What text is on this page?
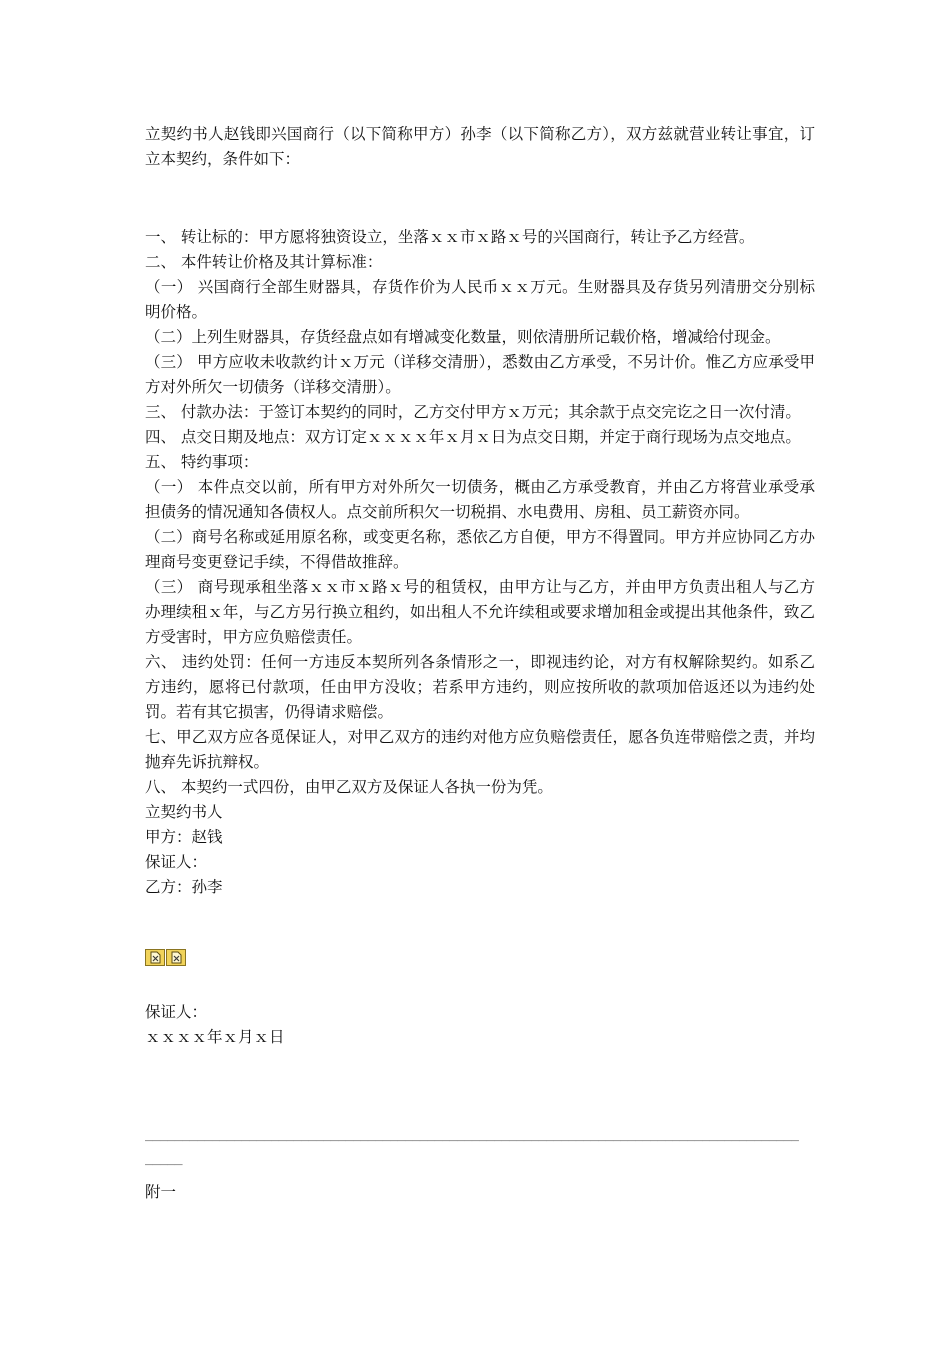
立契约书人赵钱即兴国商行（以下简称甲方）孙李（以下简称乙方），双方兹就营业转让事宜，订立本契约，条件如下：

一、 转让标的：甲方愿将独资设立，坐落ｘｘ市ｘ路ｘ号的兴国商行，转让予乙方经营。

二、 本件转让价格及其计算标准：

（一） 兴国商行全部生财器具，存货作价为人民币ｘｘ万元。生财器具及存货另列清册交分别标明价格。

（二）上列生财器具，存货经盘点如有增减变化数量，则依清册所记载价格，增减给付现金。

（三） 甲方应收未收款约计ｘ万元（详移交清册），悉数由乙方承受，不另计价。惟乙方应承受甲方对外所欠一切债务（详移交清册）。

三、 付款办法：于签订本契约的同时，乙方交付甲方ｘ万元；其余款于点交完讫之日一次付清。

四、 点交日期及地点：双方订定ｘｘｘｘ年ｘ月ｘ日为点交日期，并定于商行现场为点交地点。

五、 特约事项：

（一） 本件点交以前，所有甲方对外所欠一切债务，概由乙方承受教育，并由乙方将营业承受承担债务的情况通知各债权人。点交前所积欠一切税捐、水电费用、房租、员工薪资亦同。

（二）商号名称或延用原名称，或变更名称，悉依乙方自便，甲方不得置同。甲方并应协同乙方办理商号变更登记手续，不得借故推辞。

（三） 商号现承租坐落ｘｘ市ｘ路ｘ号的租赁权，由甲方让与乙方，并由甲方负责出租人与乙方办理续租ｘ年，与乙方另行换立租约，如出租人不允许续租或要求增加租金或提出其他条件，致乙方受害时，甲方应负赔偿责任。

六、 违约处罚：任何一方违反本契所列各条情形之一，即视违约论，对方有权解除契约。如系乙方违约，愿将已付款项，任由甲方没收；若系甲方违约，则应按所收的款项加倍返还以为违约处罚。若有其它损害，仍得请求赔偿。

七、甲乙双方应各觅保证人，对甲乙双方的违约对他方应负赔偿责任，愿各负连带赔偿之责，并均抛弃先诉抗辩权。

八、 本契约一式四份，由甲乙双方及保证人各执一份为凭。

立契约书人

甲方：赵钱

保证人：

乙方：孙李

保证人：

ｘｘｘｘ年ｘ月ｘ日

_____________________________________________________________________________________________

附一
